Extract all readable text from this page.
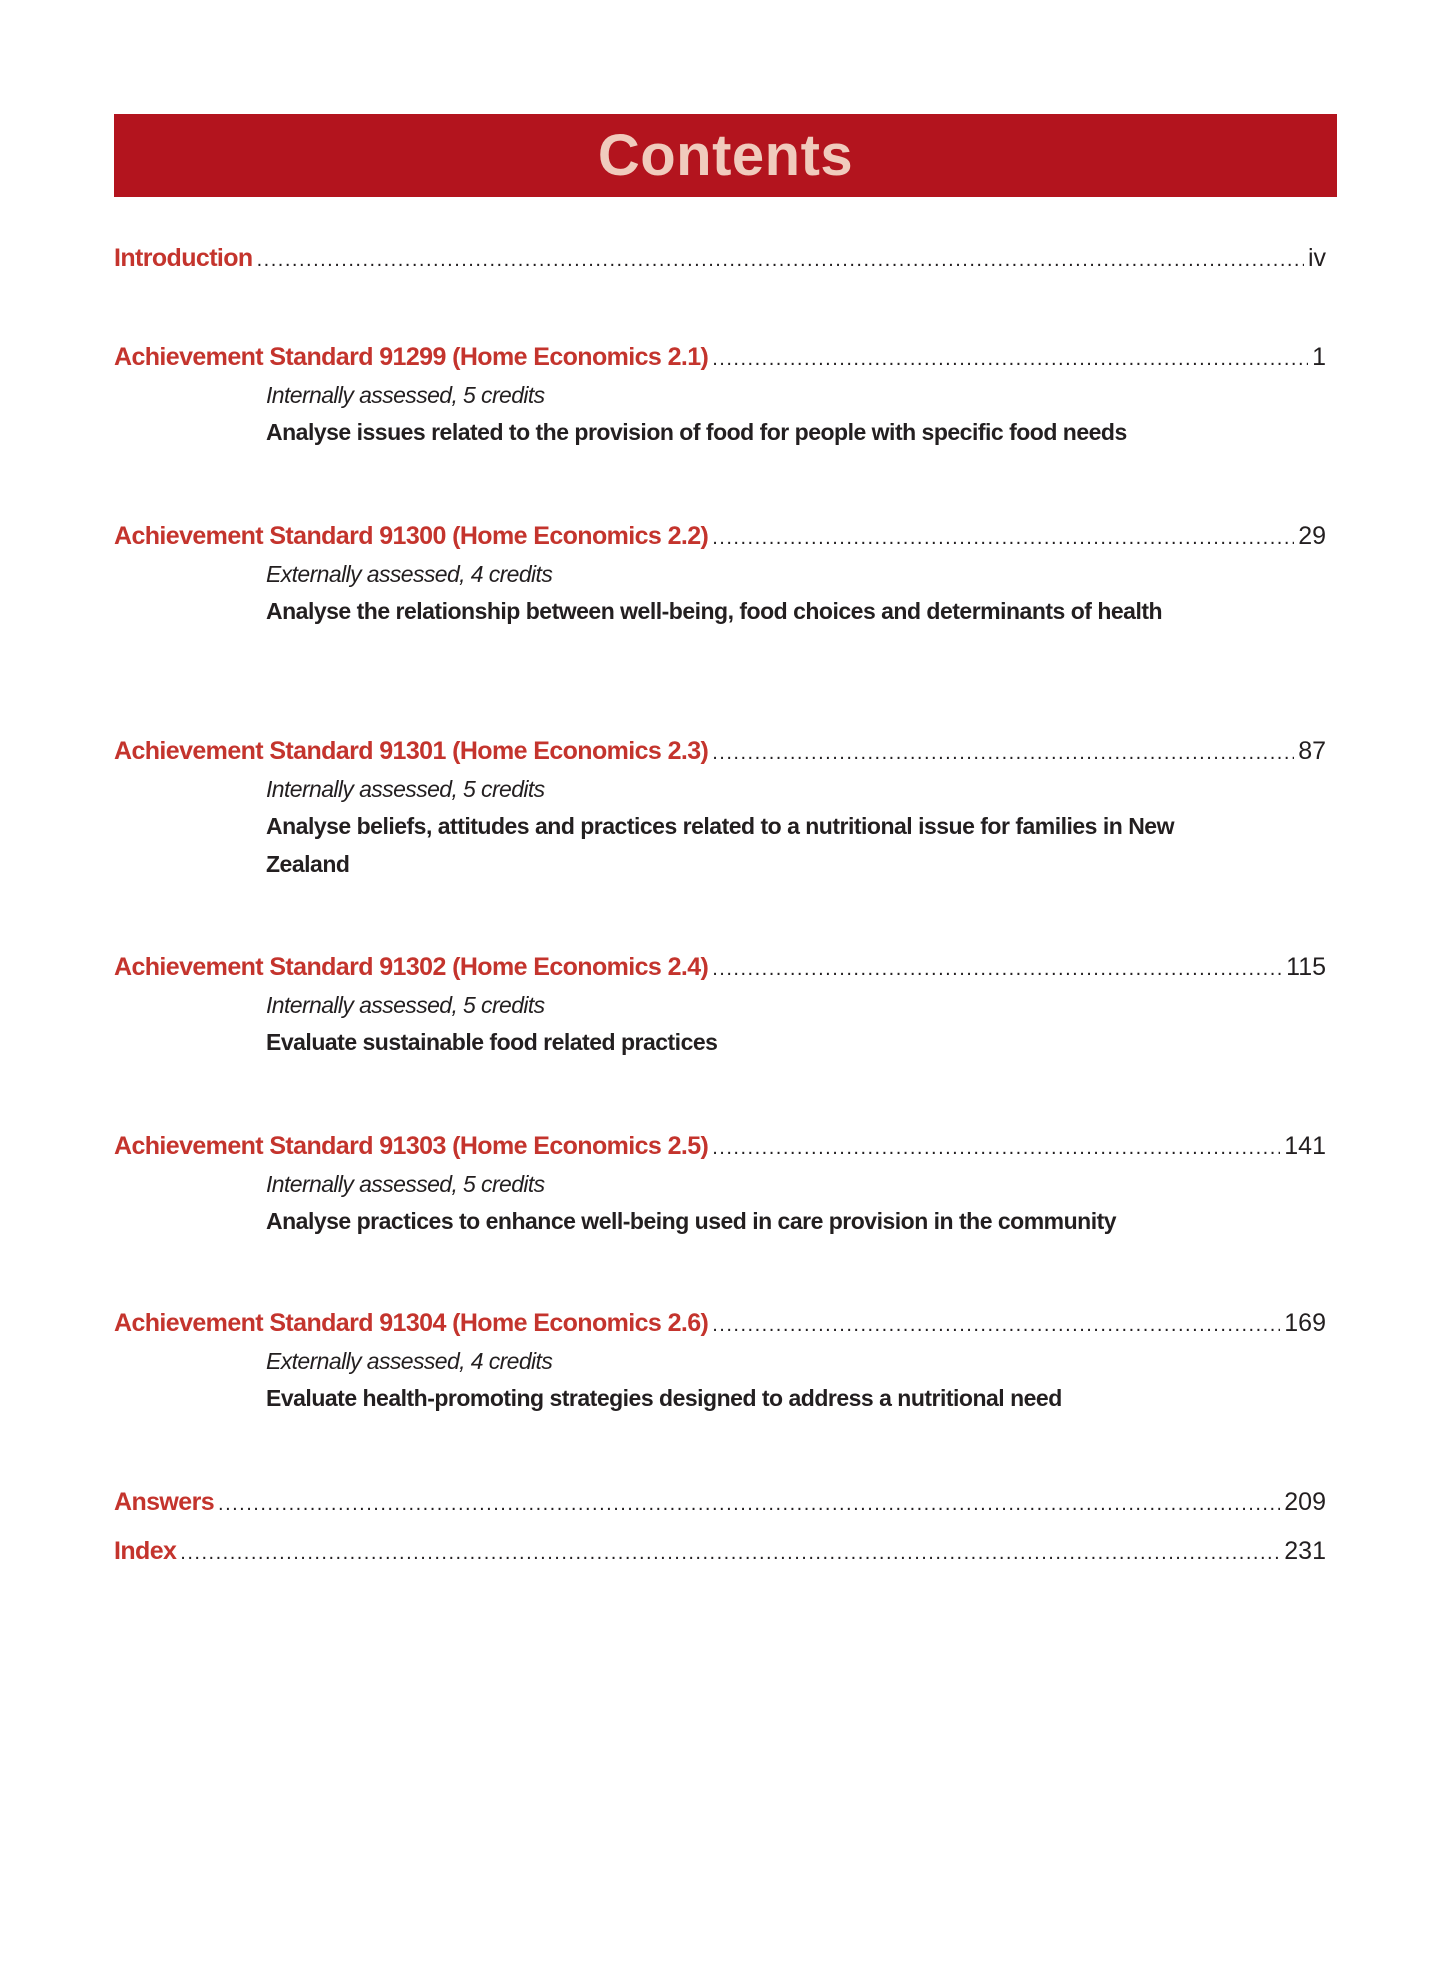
Contents
Introduction .....	iv
Achievement Standard 91299 (Home Economics 2.1) .....	1
Internally assessed, 5 credits
Analyse issues related to the provision of food for people with specific food needs
Achievement Standard 91300 (Home Economics 2.2) .....	29
Externally assessed, 4 credits
Analyse the relationship between well-being, food choices and determinants of health
Achievement Standard 91301 (Home Economics 2.3) .....	87
Internally assessed, 5 credits
Analyse beliefs, attitudes and practices related to a nutritional issue for families in New Zealand
Achievement Standard 91302 (Home Economics 2.4) .....	115
Internally assessed, 5 credits
Evaluate sustainable food related practices
Achievement Standard 91303 (Home Economics 2.5) .....	141
Internally assessed, 5 credits
Analyse practices to enhance well-being used in care provision in the community
Achievement Standard 91304 (Home Economics 2.6) .....	169
Externally assessed, 4 credits
Evaluate health-promoting strategies designed to address a nutritional need
Answers .....	209
Index .....	231
